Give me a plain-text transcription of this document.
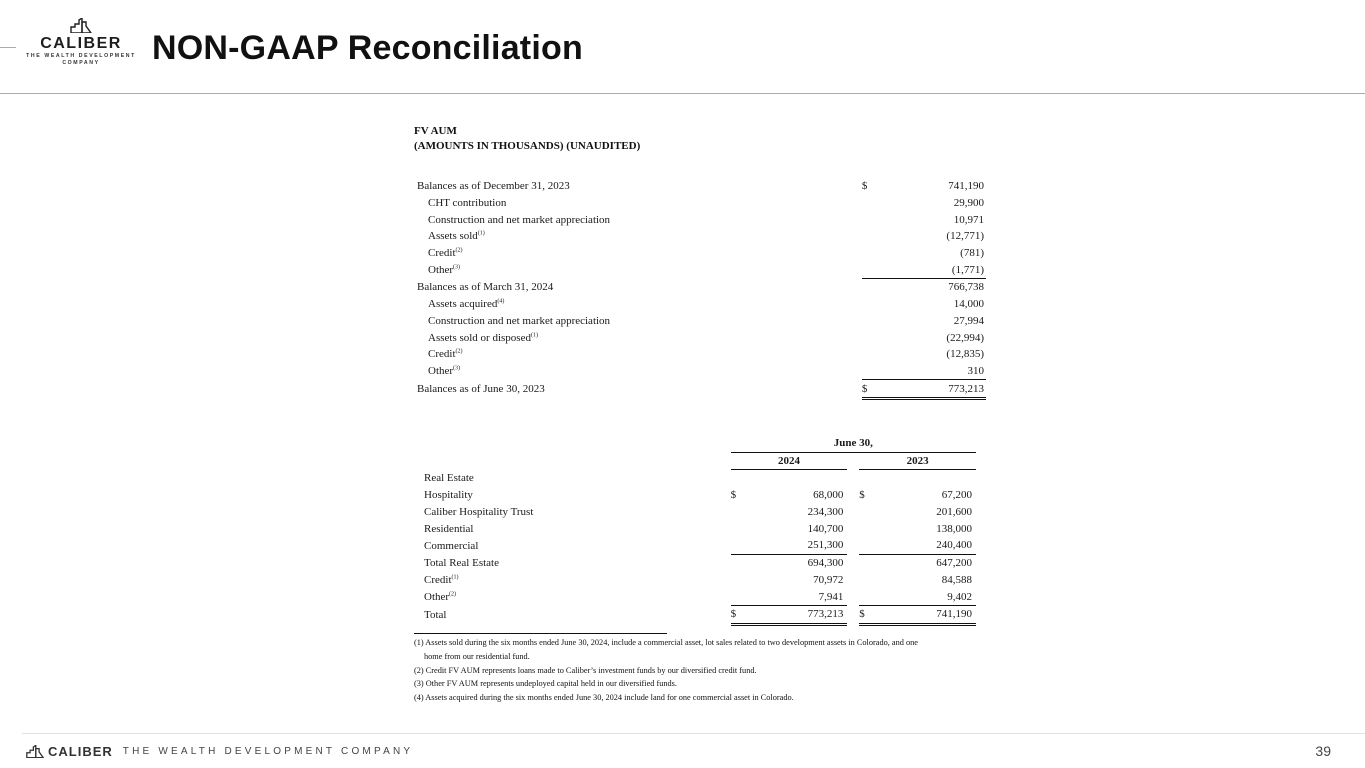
CALIBER
THE WEALTH DEVELOPMENT
COMPANY	NON-GAAP Reconciliation
FV AUM
(AMOUNTS IN THOUSANDS) (UNAUDITED)
Balances as of December 31, 2023	$	741,190
CHT contribution		29,900
Construction and net market appreciation		10,971
Assets sold$^{(1)}$		(12,771)
Credit$^{(2)}$		(781)
Other$^{(3)}$		(1,771)
Balances as of March 31, 2024		766,738
Assets acquired$^{(4)}$		14,000
Construction and net market appreciation		27,994
Assets sold or disposed$^{(1)}$		(22,994)
Credit$^{(2)}$		(12,835)
Other$^{(3)}$		310
Balances as of June 30, 2023	$	773,213
	June 30,				
	2024			2023	
Real Estate					
Hospitality	$	68,000		$	67,200
Caliber Hospitality Trust		234,300			201,600
Residential		140,700			138,000
Commercial		251,300			240,400
Total Real Estate		694,300			647,200
Credit$^{(1)}$		70,972			84,588
Other$^{(2)}$		7,941			9,402
Total	$	773,213		$	741,190
(1) Assets sold during the six months ended June 30, 2024, include a commercial asset, lot sales related to two development assets in Colorado, and one
home from our residential fund.
(2) Credit FV AUM represents loans made to Caliber’s investment funds by our diversified credit fund.
(3) Other FV AUM represents undeployed capital held in our diversified funds.
(4) Assets acquired during the six months ended June 30, 2024 include land for one commercial asset in Colorado.
CALIBER THE WEALTH DEVELOPMENT COMPANY	39
